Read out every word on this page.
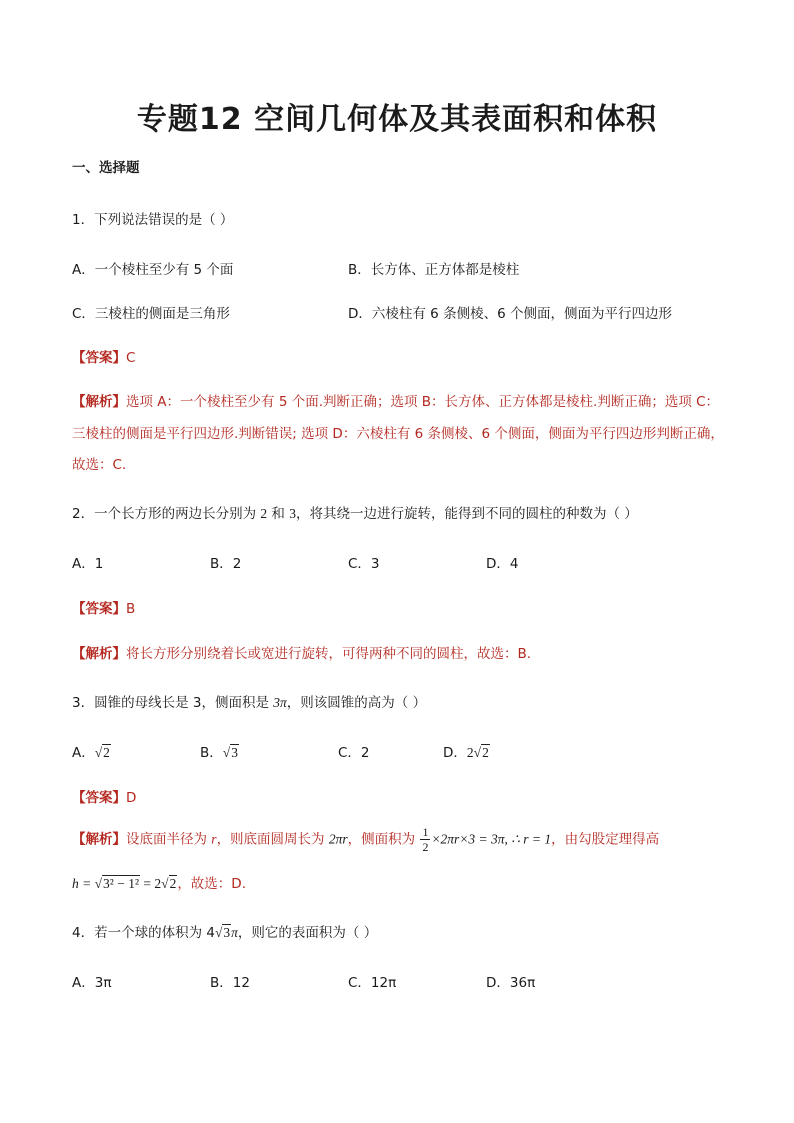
专题12 空间几何体及其表面积和体积
一、选择题
1．下列说法错误的是（ ）
A．一个棱柱至少有 5 个面	B．长方体、正方体都是棱柱
C．三棱柱的侧面是三角形	D．六棱柱有 6 条侧棱、6 个侧面，侧面为平行四边形
【答案】C
【解析】选项 A：一个棱柱至少有 5 个面.判断正确；选项 B：长方体、正方体都是棱柱.判断正确；选项 C：
三棱柱的侧面是平行四边形.判断错误; 选项 D：六棱柱有 6 条侧棱、6 个侧面，侧面为平行四边形判断正确，
故选：C.
2．一个长方形的两边长分别为 2 和 3，将其绕一边进行旋转，能得到不同的圆柱的种数为（ ）
A．1	B．2	C．3	D．4
【答案】B
【解析】将长方形分别绕着长或宽进行旋转，可得两种不同的圆柱，故选：B.
3．圆锥的母线长是 3，侧面积是 3π，则该圆锥的高为（ ）
A．√2	B．√3	C．2	D．2√2
【答案】D
【解析】设底面半径为 r，则底面圆周长为 2πr，侧面积为 $\frac{1}{2} \times 2\pi r\times 3 = 3\pi$, ∴ r = 1，由勾股定理得高
h = √3² − 1² = 2√2，故选：D.
4．若一个球的体积为 4√3π，则它的表面积为（ ）
A．3π	B．12	C．12π	D．36π
